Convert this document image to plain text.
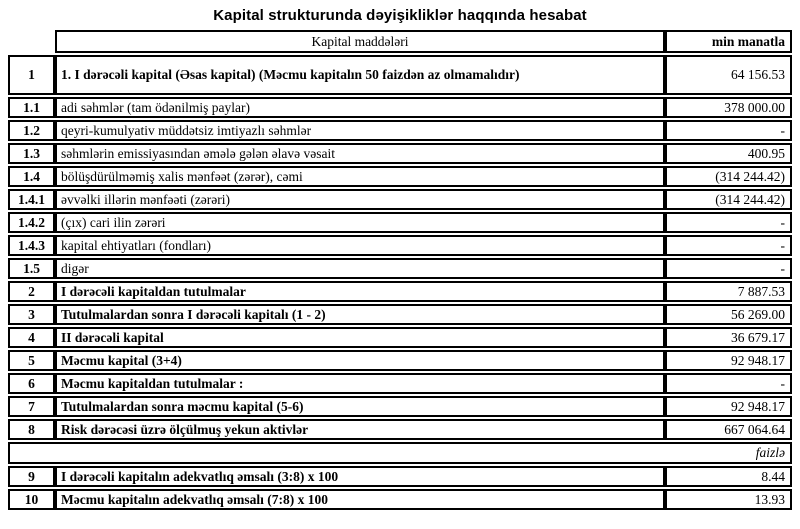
Kapital strukturunda dəyişikliklər haqqında hesabat
	Kapital maddələri	min manatla
1	1. I dərəcəli kapital (Əsas kapital) (Məcmu kapitalın 50 faizdən az olmamalıdır)	64 156.53
1.1	adi səhmlər (tam ödənilmiş paylar)	378 000.00
1.2	qeyri-kumulyativ müddətsiz imtiyazlı səhmlər	-
1.3	səhmlərin emissiyasından əmələ gələn əlavə vəsait	400.95
1.4	bölüşdürülməmiş xalis mənfəət (zərər), cəmi	(314 244.42)
1.4.1	əvvəlki illərin mənfəəti (zərəri)	(314 244.42)
1.4.2	(çıx) cari ilin zərəri	-
1.4.3	kapital ehtiyatları (fondları)	-
1.5	digər	-
2	I dərəcəli kapitaldan tutulmalar	7 887.53
3	Tutulmalardan sonra I dərəcəli kapitalı (1 - 2)	56 269.00
4	II dərəcəli kapital	36 679.17
5	Məcmu kapital (3+4)	92 948.17
6	Məcmu kapitaldan tutulmalar :	-
7	Tutulmalardan sonra məcmu kapital (5-6)	92 948.17
8	Risk dərəcəsi üzrə ölçülmuş yekun aktivlər	667 064.64
faizlə		
9	I dərəcəli kapitalın adekvatlıq əmsalı (3:8) x 100	8.44
10	Məcmu kapitalın adekvatlıq əmsalı (7:8) x 100	13.93
